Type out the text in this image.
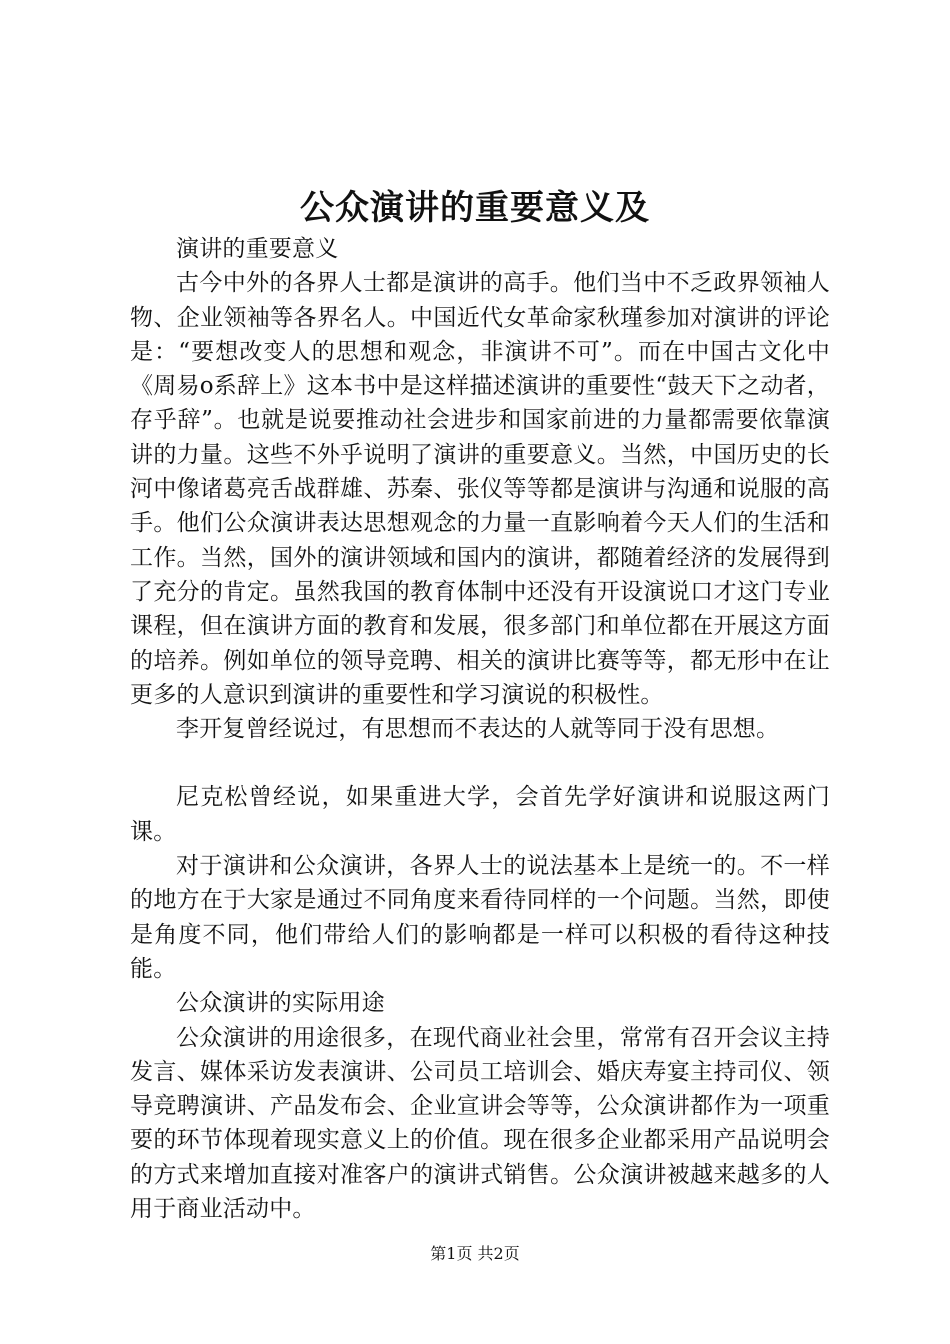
公众演讲的重要意义及

演讲的重要意义

古今中外的各界人士都是演讲的高手。他们当中不乏政界领袖人物、企业领袖等各界名人。中国近代女革命家秋瑾参加对演讲的评论是：“要想改变人的思想和观念，非演讲不可”。而在中国古文化中《周易o系辞上》这本书中是这样描述演讲的重要性“鼓天下之动者，存乎辞”。也就是说要推动社会进步和国家前进的力量都需要依靠演讲的力量。这些不外乎说明了演讲的重要意义。当然，中国历史的长河中像诸葛亮舌战群雄、苏秦、张仪等等都是演讲与沟通和说服的高手。他们公众演讲表达思想观念的力量一直影响着今天人们的生活和工作。当然，国外的演讲领域和国内的演讲，都随着经济的发展得到了充分的肯定。虽然我国的教育体制中还没有开设演说口才这门专业课程，但在演讲方面的教育和发展，很多部门和单位都在开展这方面的培养。例如单位的领导竞聘、相关的演讲比赛等等，都无形中在让更多的人意识到演讲的重要性和学习演说的积极性。

李开复曾经说过，有思想而不表达的人就等同于没有思想。

尼克松曾经说，如果重进大学，会首先学好演讲和说服这两门课。

对于演讲和公众演讲，各界人士的说法基本上是统一的。不一样的地方在于大家是通过不同角度来看待同样的一个问题。当然，即使是角度不同，他们带给人们的影响都是一样可以积极的看待这种技能。

公众演讲的实际用途

公众演讲的用途很多，在现代商业社会里，常常有召开会议主持发言、媒体采访发表演讲、公司员工培训会、婚庆寿宴主持司仪、领导竞聘演讲、产品发布会、企业宣讲会等等，公众演讲都作为一项重要的环节体现着现实意义上的价值。现在很多企业都采用产品说明会的方式来增加直接对准客户的演讲式销售。公众演讲被越来越多的人用于商业活动中。

第1页 共2页
